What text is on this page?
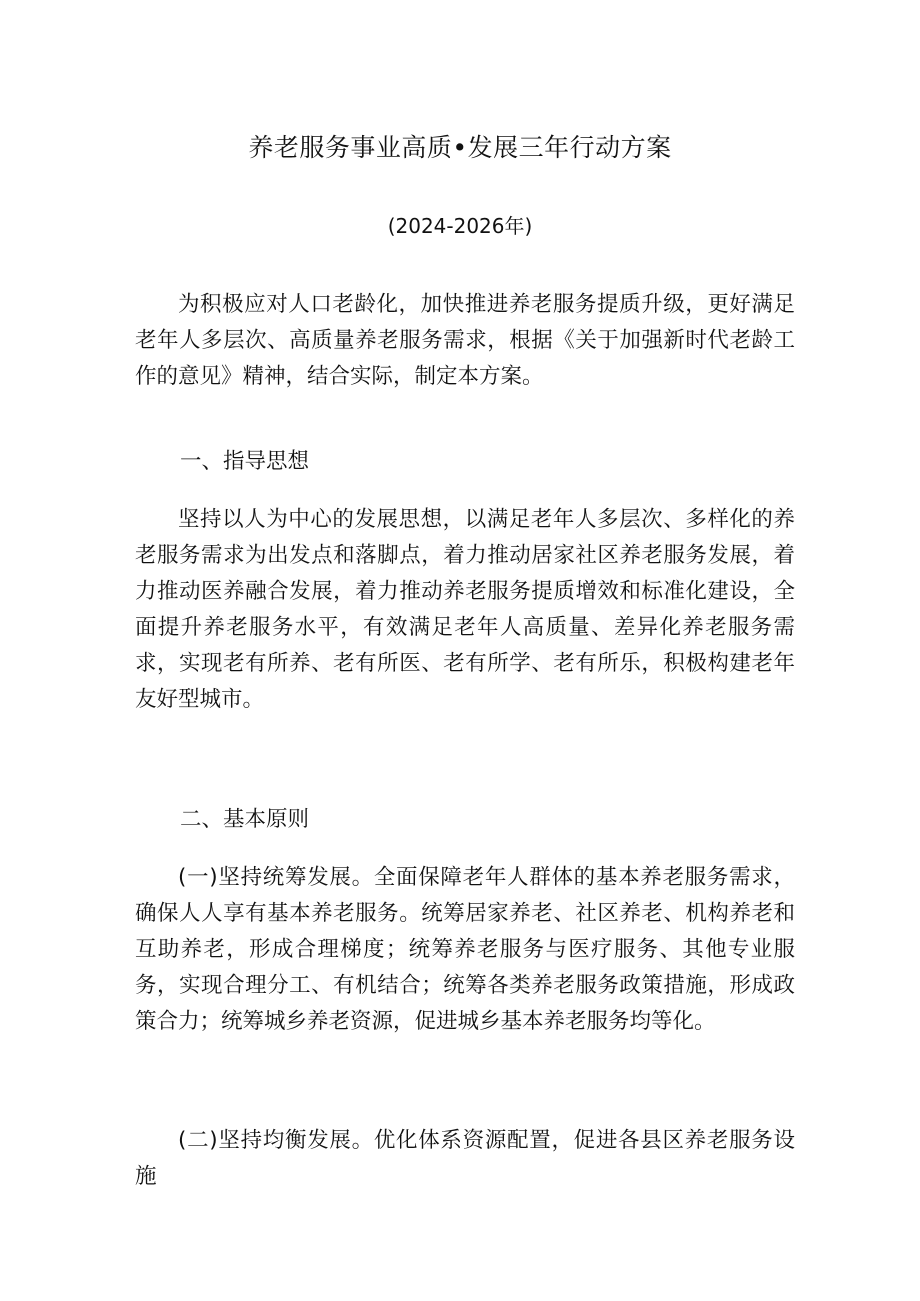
养老服务事业高质•发展三年行动方案
(2024-2026年)

为积极应对人口老龄化，加快推进养老服务提质升级，更好满足老年人多层次、高质量养老服务需求，根据《关于加强新时代老龄工作的意见》精神，结合实际，制定本方案。

一、指导思想

坚持以人为中心的发展思想，以满足老年人多层次、多样化的养老服务需求为出发点和落脚点，着力推动居家社区养老服务发展，着力推动医养融合发展，着力推动养老服务提质增效和标准化建设，全面提升养老服务水平，有效满足老年人高质量、差异化养老服务需求，实现老有所养、老有所医、老有所学、老有所乐，积极构建老年友好型城市。

二、基本原则

(一)坚持统筹发展。全面保障老年人群体的基本养老服务需求，确保人人享有基本养老服务。统筹居家养老、社区养老、机构养老和互助养老，形成合理梯度；统筹养老服务与医疗服务、其他专业服务，实现合理分工、有机结合；统筹各类养老服务政策措施，形成政策合力；统筹城乡养老资源，促进城乡基本养老服务均等化。

(二)坚持均衡发展。优化体系资源配置，促进各县区养老服务设施
